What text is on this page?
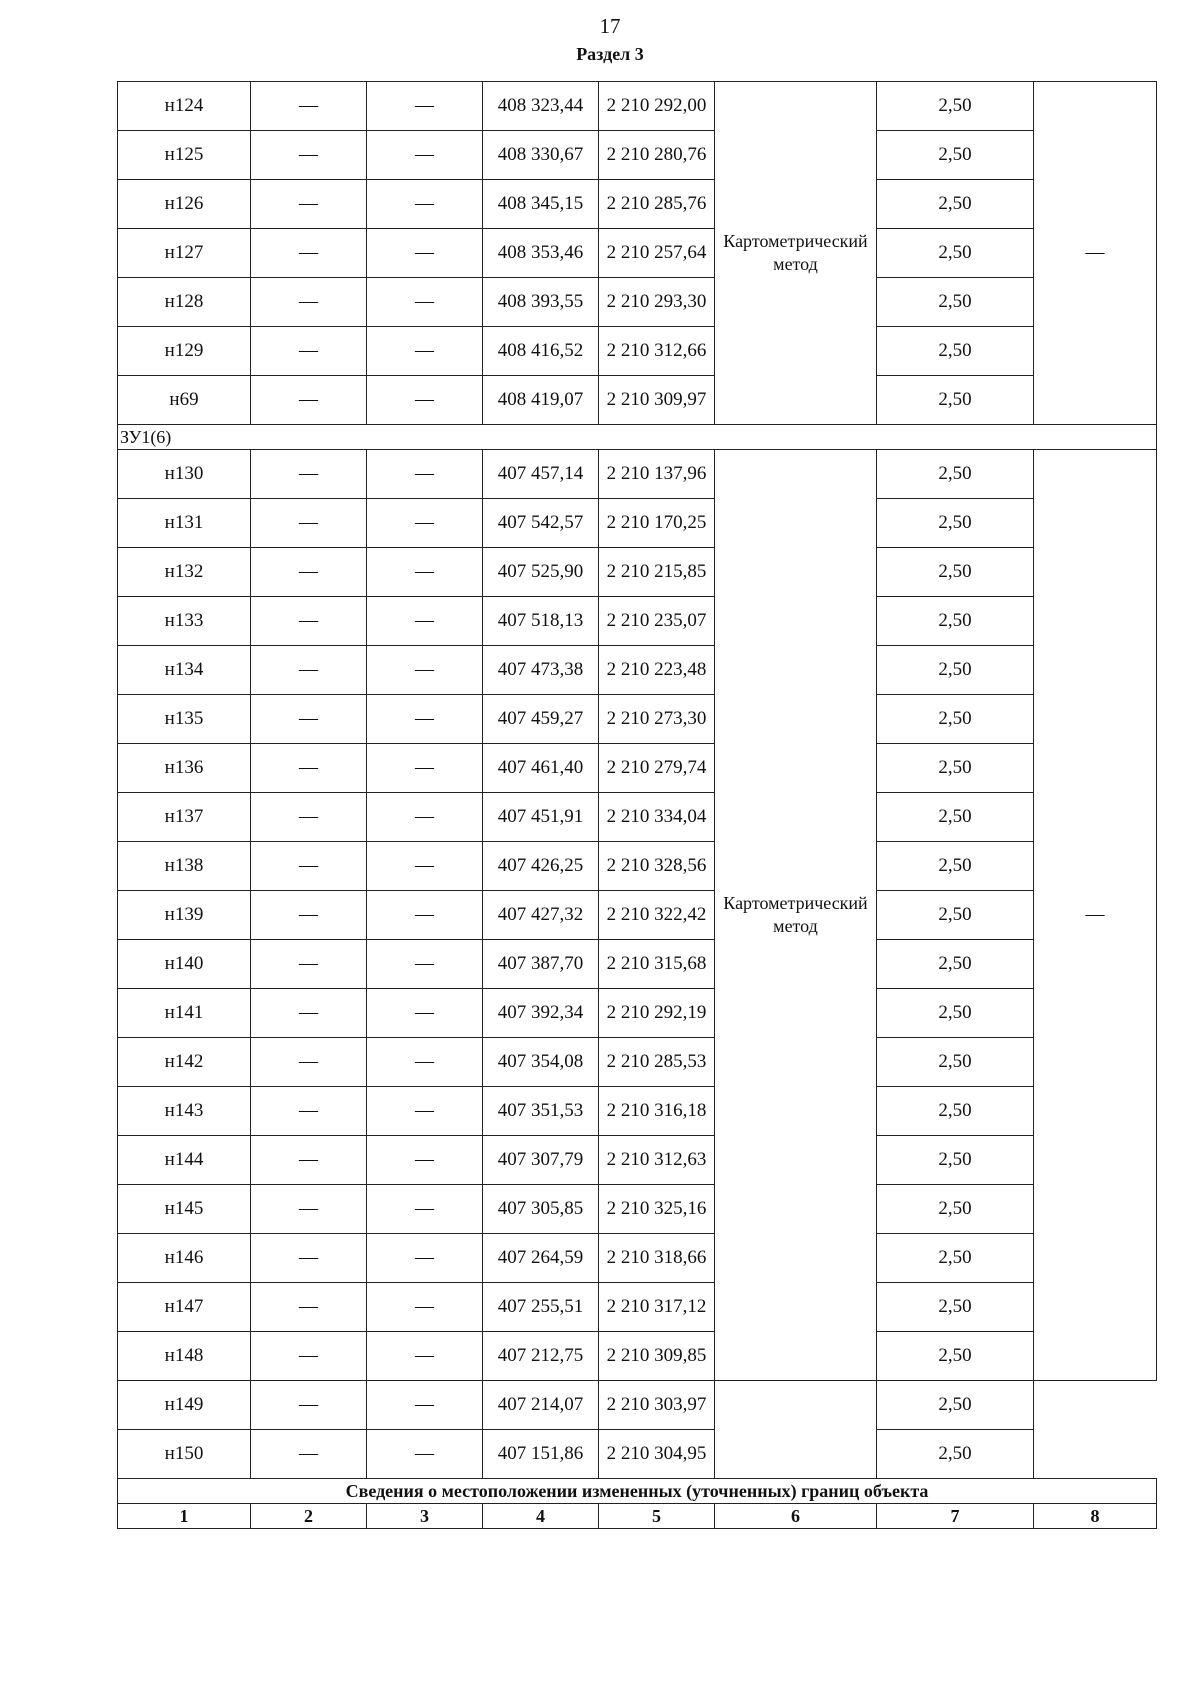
17
Раздел 3
н124	—	—	408 323,44	2 210 292,00	Картометрический метод	2,50	—
н125	—	—	408 330,67	2 210 280,76		2,50	
н126	—	—	408 345,15	2 210 285,76		2,50	
н127	—	—	408 353,46	2 210 257,64		2,50	
н128	—	—	408 393,55	2 210 293,30		2,50	
н129	—	—	408 416,52	2 210 312,66		2,50	
н69	—	—	408 419,07	2 210 309,97		2,50	
ЗУ1(6)							
н130	—	—	407 457,14	2 210 137,96	Картометрический метод	2,50	—
н131	—	—	407 542,57	2 210 170,25		2,50	
н132	—	—	407 525,90	2 210 215,85		2,50	
н133	—	—	407 518,13	2 210 235,07		2,50	
н134	—	—	407 473,38	2 210 223,48		2,50	
н135	—	—	407 459,27	2 210 273,30		2,50	
н136	—	—	407 461,40	2 210 279,74		2,50	
н137	—	—	407 451,91	2 210 334,04		2,50	
н138	—	—	407 426,25	2 210 328,56		2,50	
н139	—	—	407 427,32	2 210 322,42		2,50	
н140	—	—	407 387,70	2 210 315,68		2,50	
н141	—	—	407 392,34	2 210 292,19		2,50	
н142	—	—	407 354,08	2 210 285,53		2,50	
н143	—	—	407 351,53	2 210 316,18		2,50	
н144	—	—	407 307,79	2 210 312,63		2,50	
н145	—	—	407 305,85	2 210 325,16		2,50	
н146	—	—	407 264,59	2 210 318,66		2,50	
н147	—	—	407 255,51	2 210 317,12		2,50	
н148	—	—	407 212,75	2 210 309,85		2,50	
н149	—	—	407 214,07	2 210 303,97		2,50	
н150	—	—	407 151,86	2 210 304,95		2,50	
Сведения о местоположении измененных (уточненных) границ объекта							
1	2	3	4	5	6	7	8
